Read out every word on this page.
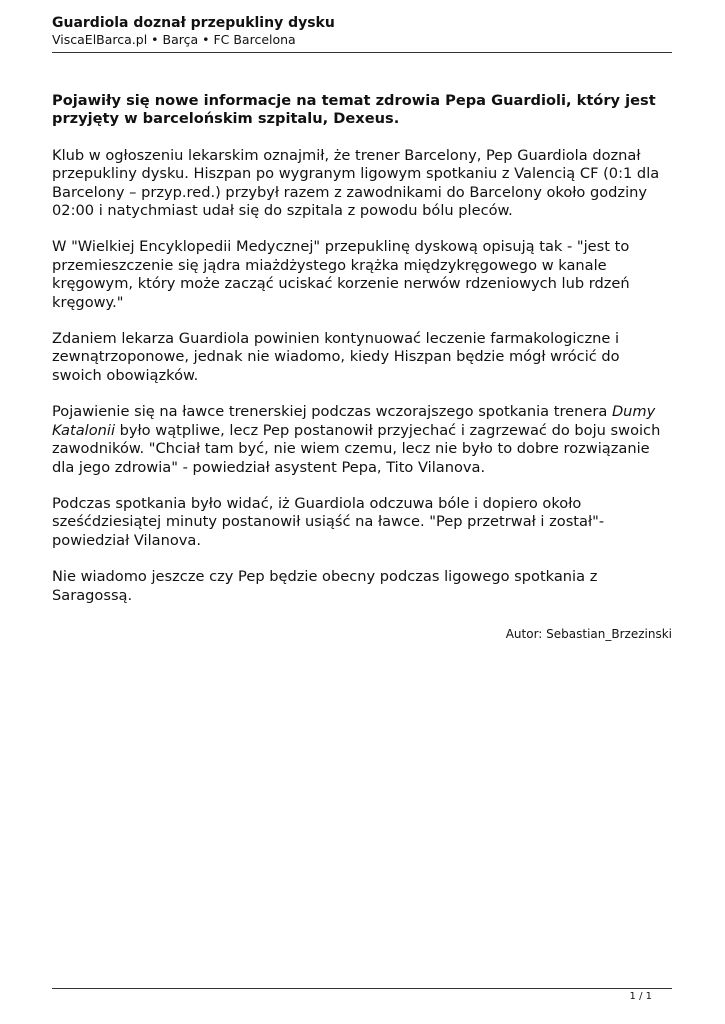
Guardiola doznał przepukliny dysku
ViscaElBarca.pl • Barça • FC Barcelona

Pojawiły się nowe informacje na temat zdrowia Pepa Guardioli, który jest przyjęty w barcelońskim szpitalu, Dexeus.

Klub w ogłoszeniu lekarskim oznajmił, że trener Barcelony, Pep Guardiola doznał przepukliny dysku. Hiszpan po wygranym ligowym spotkaniu z Valencią CF (0:1 dla Barcelony – przyp.red.) przybył razem z zawodnikami do Barcelony około godziny 02:00 i natychmiast udał się do szpitala z powodu bólu pleców.

W "Wielkiej Encyklopedii Medycznej" przepuklinę dyskową opisują tak - "jest to przemieszczenie się jądra miażdżystego krążka międzykręgowego w kanale kręgowym, który może zacząć uciskać korzenie nerwów rdzeniowych lub rdzeń kręgowy."

Zdaniem lekarza Guardiola powinien kontynuować leczenie farmakologiczne i zewnątrzoponowe, jednak nie wiadomo, kiedy Hiszpan będzie mógł wrócić do swoich obowiązków.

Pojawienie się na ławce trenerskiej podczas wczorajszego spotkania trenera Dumy Katalonii było wątpliwe, lecz Pep postanowił przyjechać i zagrzewać do boju swoich zawodników. "Chciał tam być, nie wiem czemu, lecz nie było to dobre rozwiązanie dla jego zdrowia" - powiedział asystent Pepa, Tito Vilanova.

Podczas spotkania było widać, iż Guardiola odczuwa bóle i dopiero około sześćdziesiątej minuty postanowił usiąść na ławce. "Pep przetrwał i został"- powiedział Vilanova.

Nie wiadomo jeszcze czy Pep będzie obecny podczas ligowego spotkania z Saragossą.

Autor: Sebastian_Brzezinski
1 / 1
